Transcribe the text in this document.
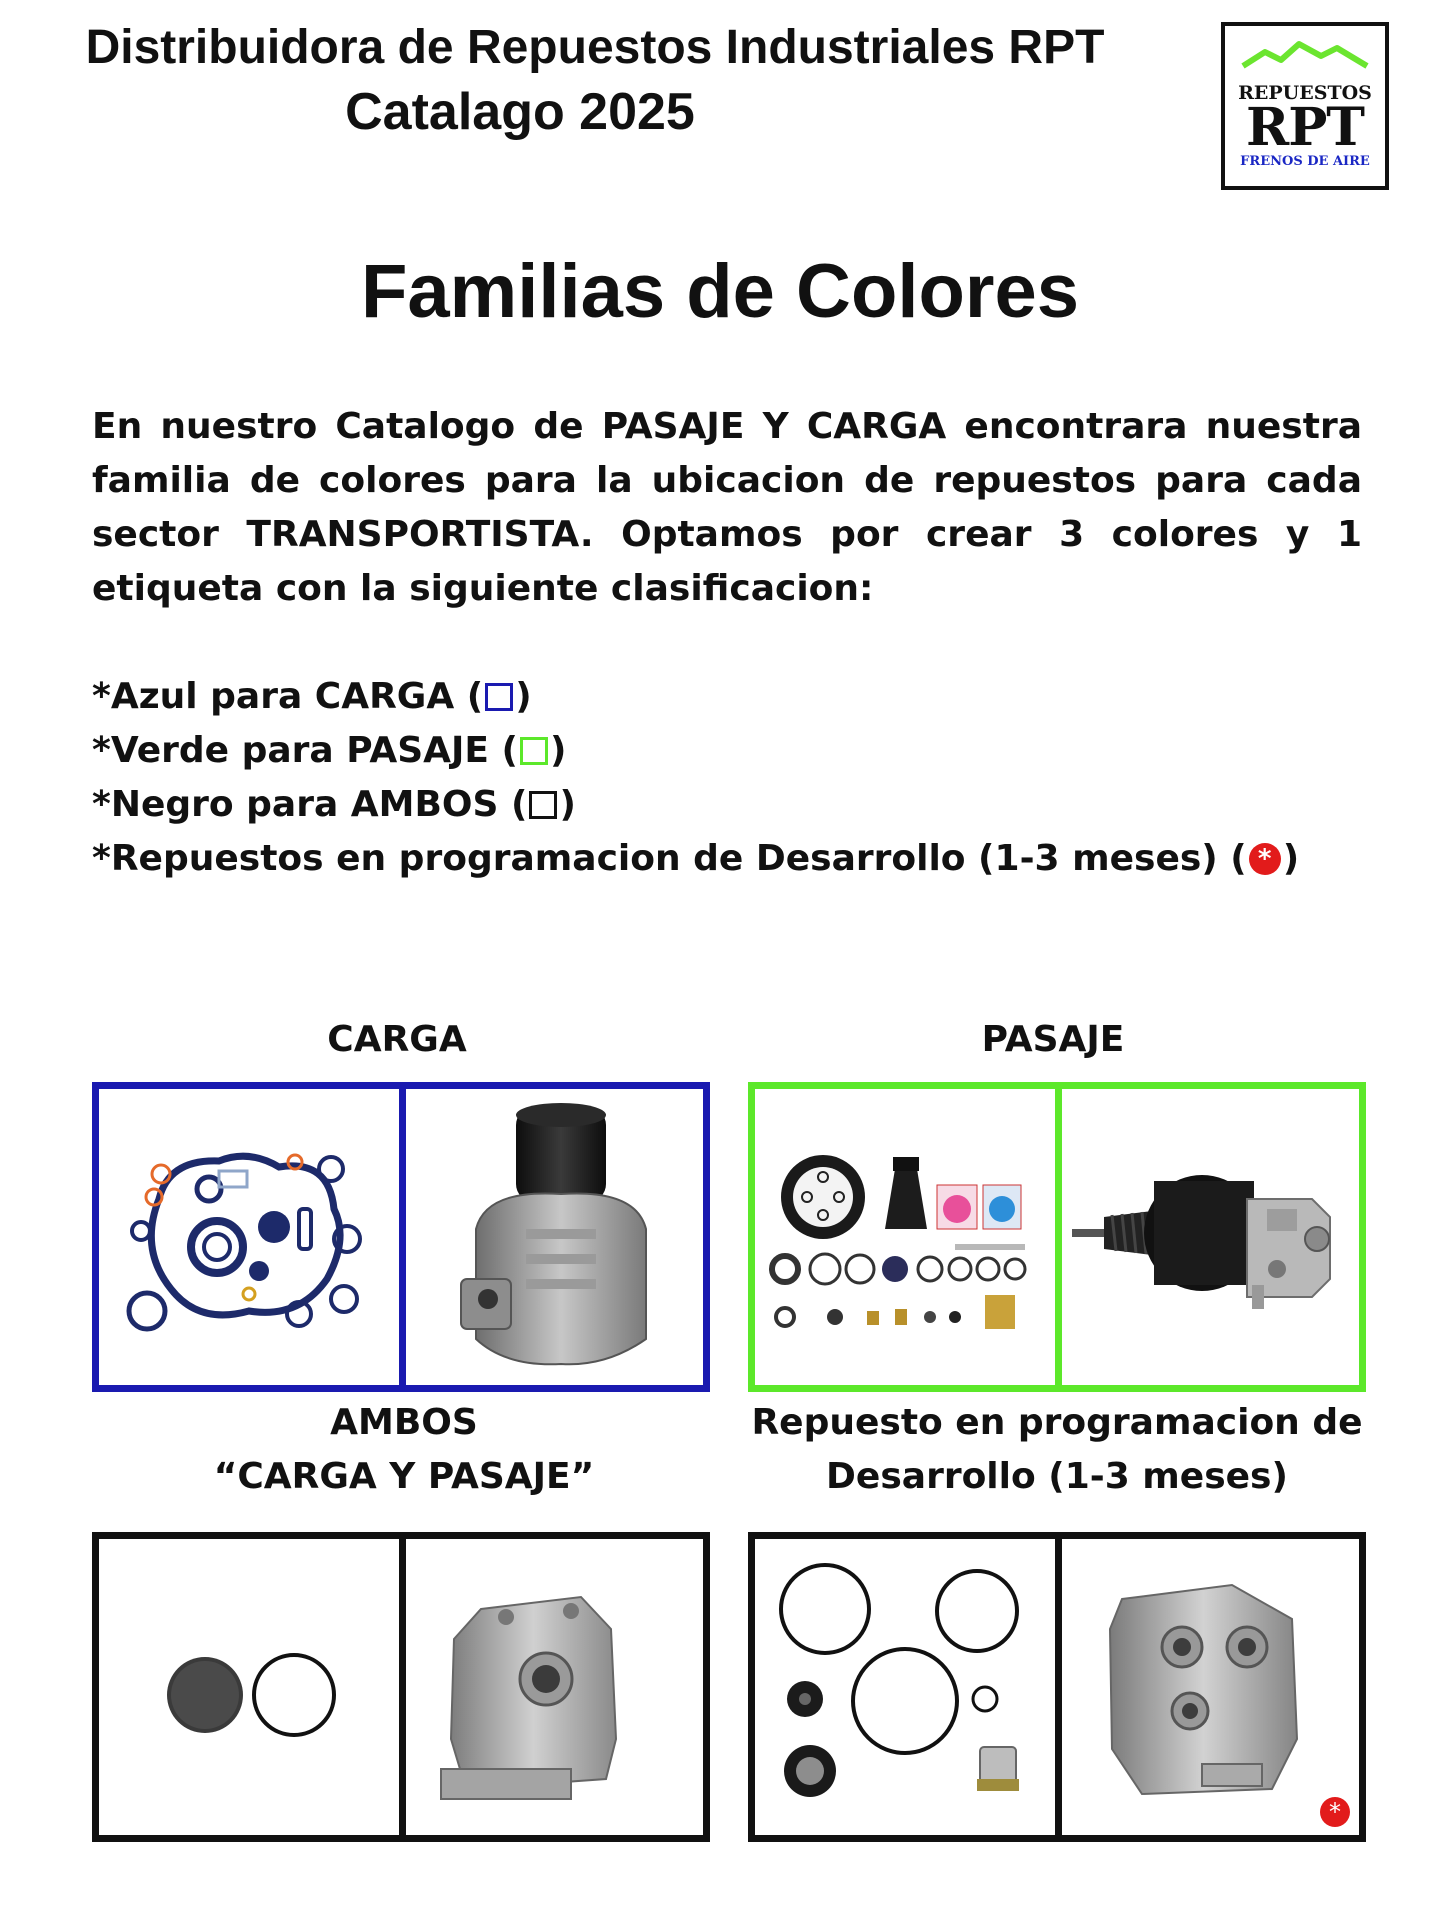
Distribuidora de Repuestos Industriales RPT
Catalago 2025	REPUESTOS
RPT
FRENOS DE AIRE
Familias de Colores
En nuestro Catalogo de PASAJE Y CARGA encontrara nuestra familia de colores para la ubicacion de repuestos para cada sector TRANSPORTISTA. Optamos por crear 3 colores y 1 etiqueta con la siguiente clasificacion:
*Azul para CARGA ( )
*Verde para PASAJE ( )
*Negro para AMBOS ( )
*Repuestos en programacion de Desarrollo (1-3 meses) ( * )
CARGA	PASAJE
AMBOS
“CARGA Y PASAJE”
Repuesto en programacion de
Desarrollo (1-3 meses)
*
